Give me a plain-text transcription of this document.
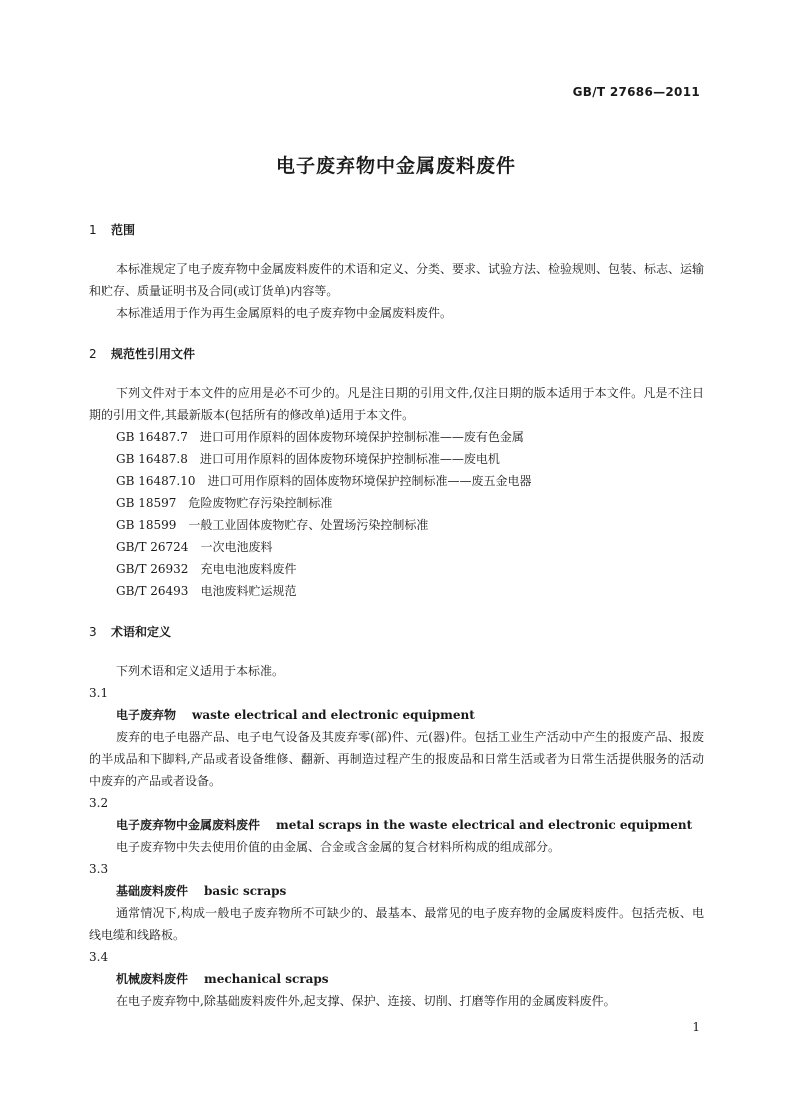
GB/T 27686—2011
电子废弃物中金属废料废件
1 范围
本标准规定了电子废弃物中金属废料废件的术语和定义、分类、要求、试验方法、检验规则、包装、标志、运输和贮存、质量证明书及合同(或订货单)内容等。
本标准适用于作为再生金属原料的电子废弃物中金属废料废件。
2 规范性引用文件
下列文件对于本文件的应用是必不可少的。凡是注日期的引用文件,仅注日期的版本适用于本文件。凡是不注日期的引用文件,其最新版本(包括所有的修改单)适用于本文件。
GB 16487.7 进口可用作原料的固体废物环境保护控制标准——废有色金属
GB 16487.8 进口可用作原料的固体废物环境保护控制标准——废电机
GB 16487.10 进口可用作原料的固体废物环境保护控制标准——废五金电器
GB 18597 危险废物贮存污染控制标准
GB 18599 一般工业固体废物贮存、处置场污染控制标准
GB/T 26724 一次电池废料
GB/T 26932 充电电池废料废件
GB/T 26493 电池废料贮运规范
3 术语和定义
下列术语和定义适用于本标准。
3.1
电子废弃物 waste electrical and electronic equipment
废弃的电子电器产品、电子电气设备及其废弃零(部)件、元(器)件。包括工业生产活动中产生的报废产品、报废的半成品和下脚料,产品或者设备维修、翻新、再制造过程产生的报废品和日常生活或者为日常生活提供服务的活动中废弃的产品或者设备。
3.2
电子废弃物中金属废料废件 metal scraps in the waste electrical and electronic equipment
电子废弃物中失去使用价值的由金属、合金或含金属的复合材料所构成的组成部分。
3.3
基础废料废件 basic scraps
通常情况下,构成一般电子废弃物所不可缺少的、最基本、最常见的电子废弃物的金属废料废件。包括壳板、电线电缆和线路板。
3.4
机械废料废件 mechanical scraps
在电子废弃物中,除基础废料废件外,起支撑、保护、连接、切削、打磨等作用的金属废料废件。
1
